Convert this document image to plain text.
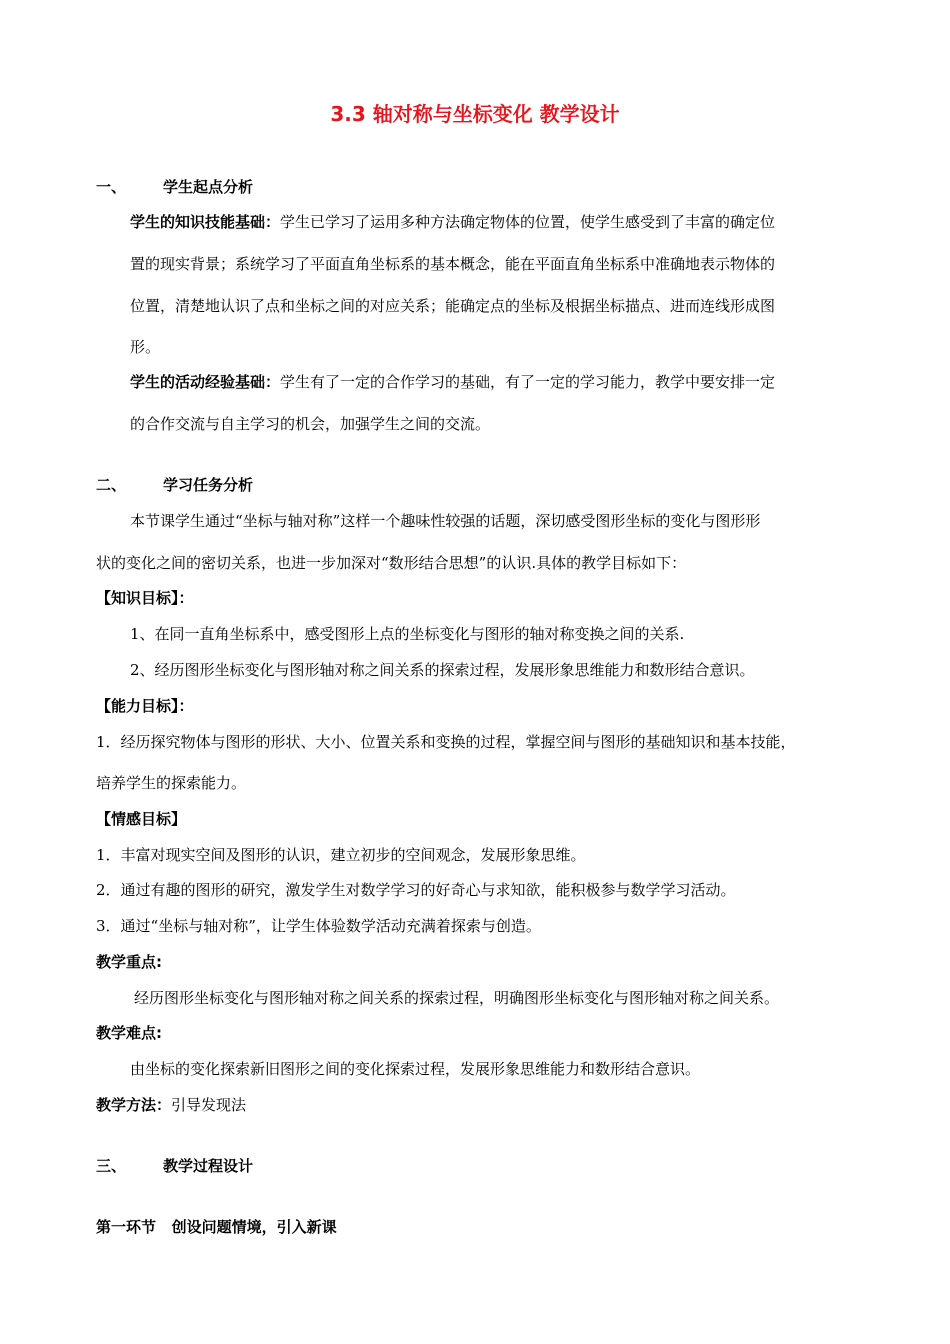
3.3 轴对称与坐标变化 教学设计
一、 学生起点分析
学生的知识技能基础：学生已学习了运用多种方法确定物体的位置，使学生感受到了丰富的确定位
置的现实背景；系统学习了平面直角坐标系的基本概念，能在平面直角坐标系中准确地表示物体的
位置，清楚地认识了点和坐标之间的对应关系；能确定点的坐标及根据坐标描点、进而连线形成图
形。
学生的活动经验基础：学生有了一定的合作学习的基础，有了一定的学习能力，教学中要安排一定
的合作交流与自主学习的机会，加强学生之间的交流。
二、 学习任务分析
本节课学生通过“坐标与轴对称”这样一个趣味性较强的话题，深切感受图形坐标的变化与图形形
状的变化之间的密切关系，也进一步加深对“数形结合思想”的认识.具体的教学目标如下：
【知识目标】：
1、在同一直角坐标系中，感受图形上点的坐标变化与图形的轴对称变换之间的关系.
2、经历图形坐标变化与图形轴对称之间关系的探索过程，发展形象思维能力和数形结合意识。
【能力目标】：
1．经历探究物体与图形的形状、大小、位置关系和变换的过程，掌握空间与图形的基础知识和基本技能，
培养学生的探索能力。
【情感目标】
1．丰富对现实空间及图形的认识，建立初步的空间观念，发展形象思维。
2．通过有趣的图形的研究，激发学生对数学学习的好奇心与求知欲，能积极参与数学学习活动。
3．通过“坐标与轴对称”，让学生体验数学活动充满着探索与创造。
教学重点:
经历图形坐标变化与图形轴对称之间关系的探索过程，明确图形坐标变化与图形轴对称之间关系。
教学难点:
由坐标的变化探索新旧图形之间的变化探索过程，发展形象思维能力和数形结合意识。
教学方法：引导发现法
三、 教学过程设计
第一环节   创设问题情境，引入新课
